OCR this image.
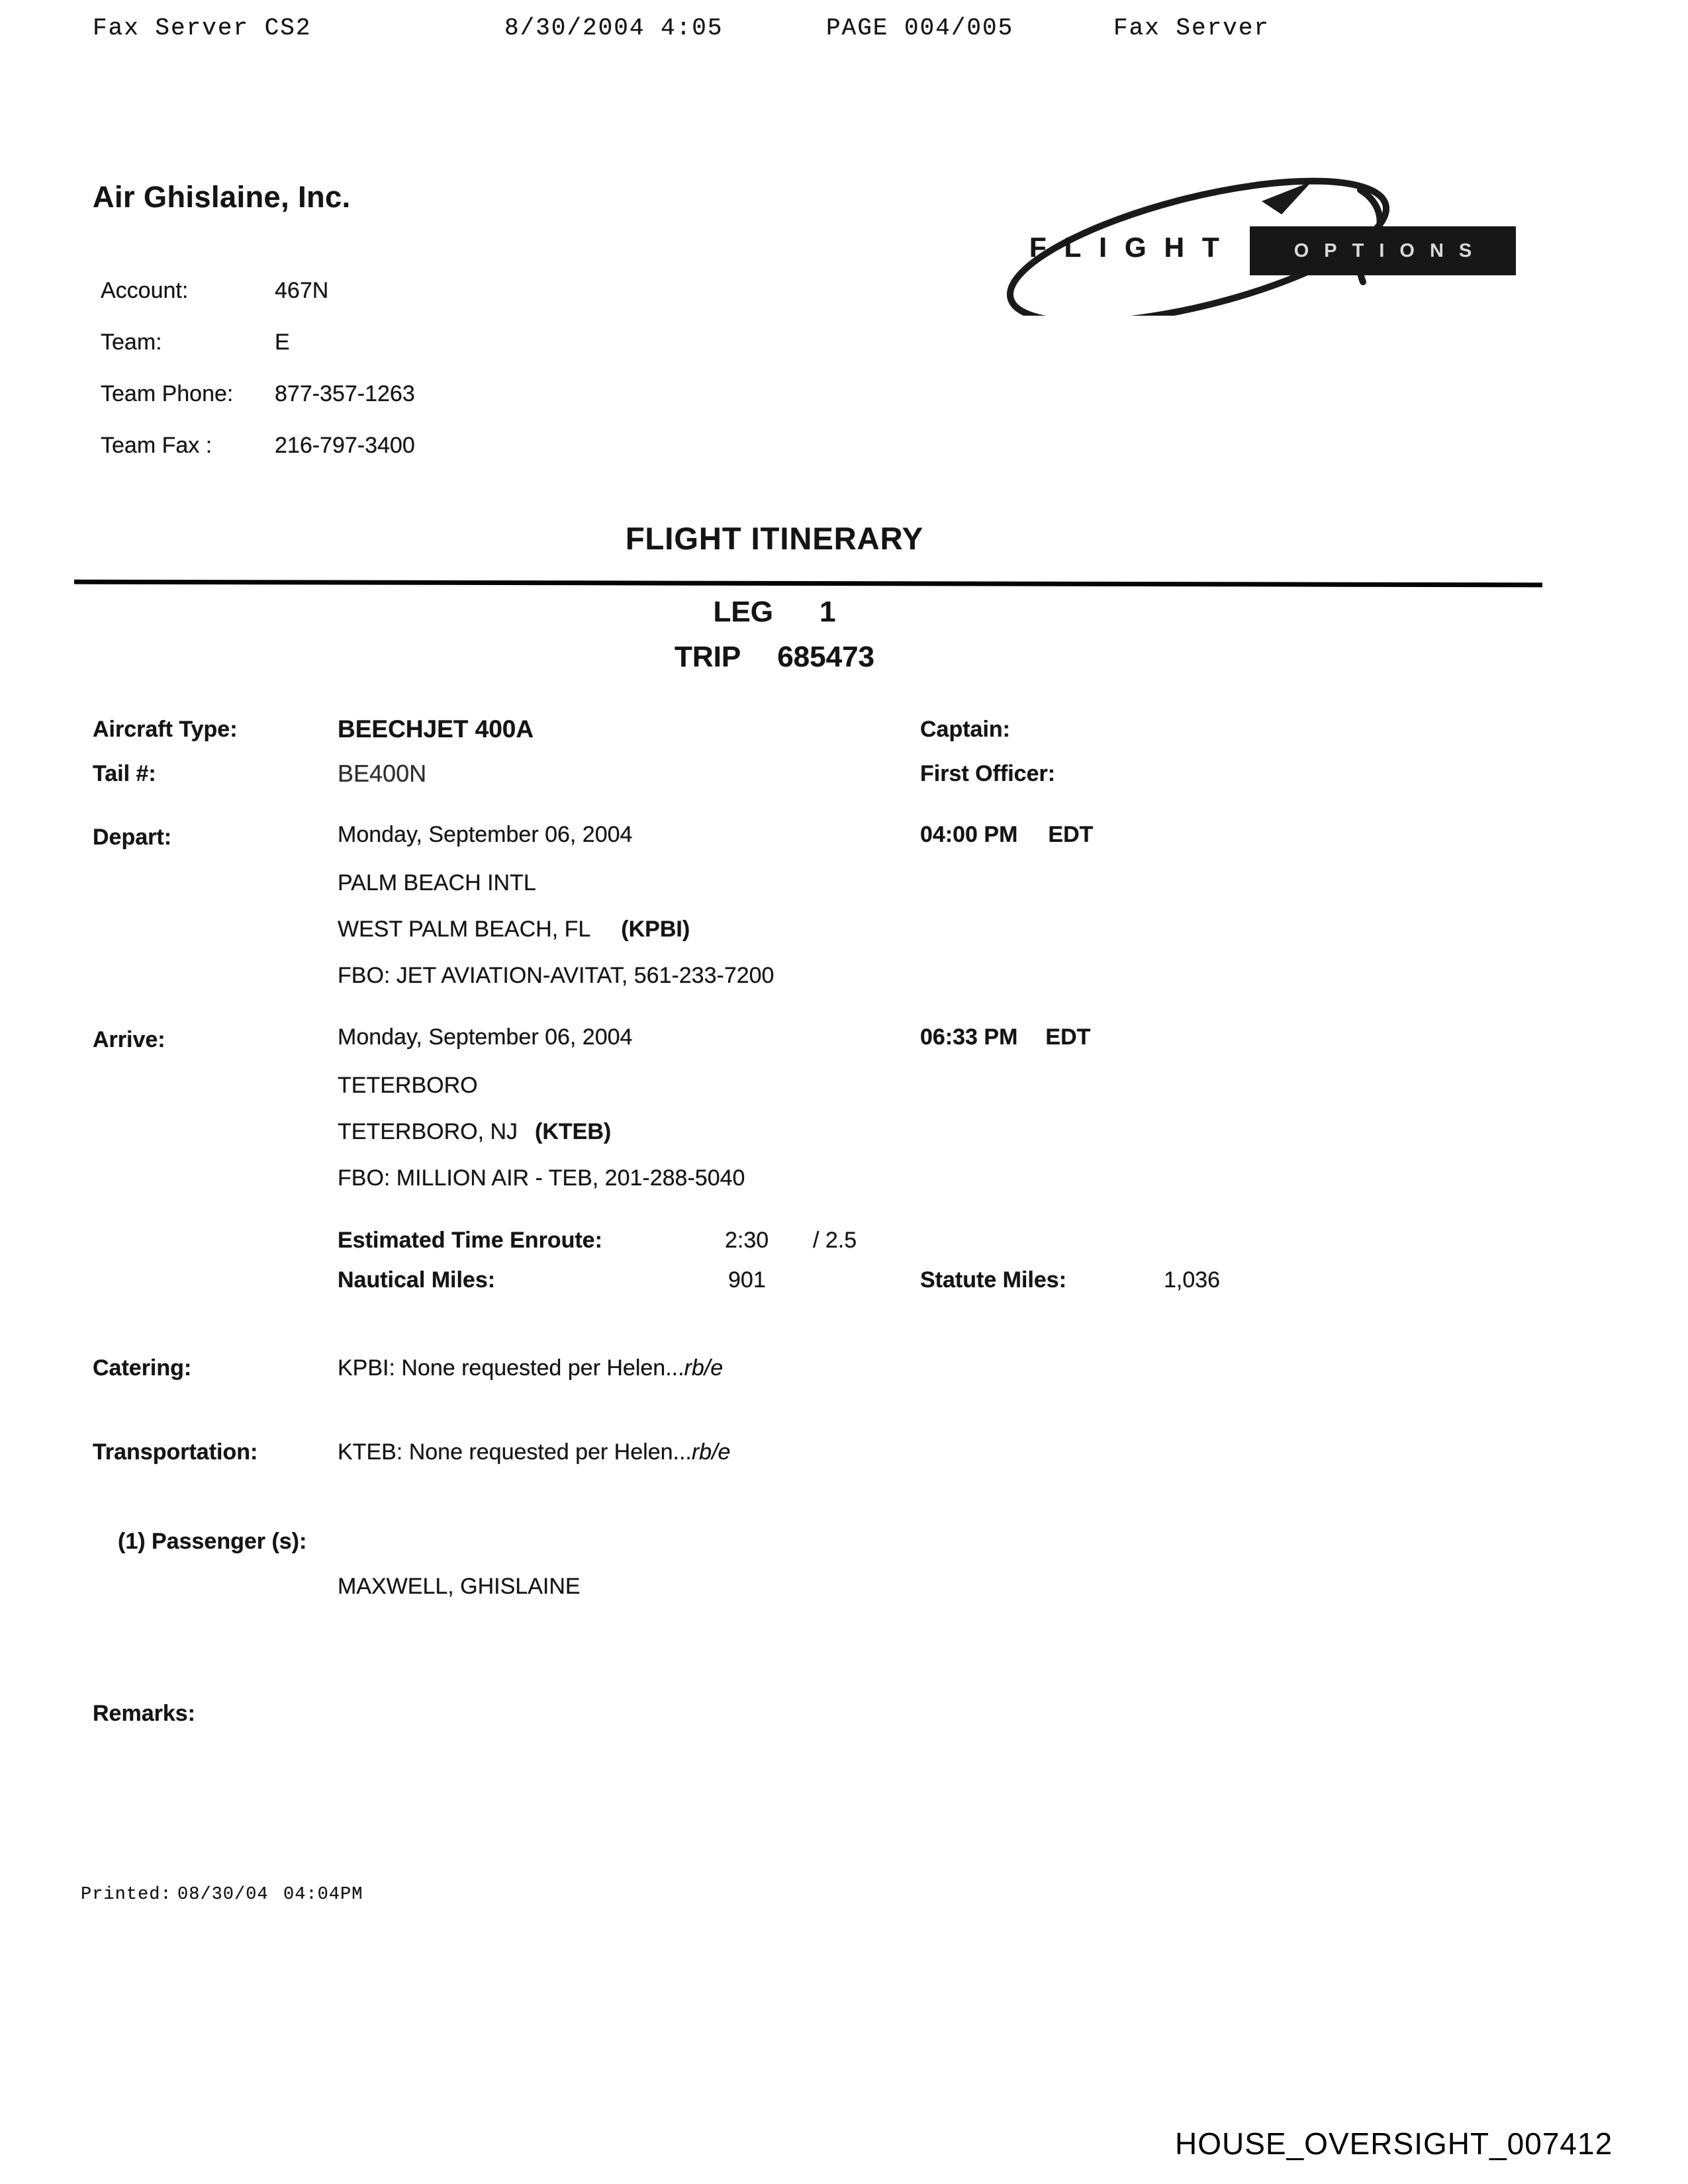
Fax Server CS2	8/30/2004 4:05	PAGE 004/005	Fax Server
Air Ghislaine, Inc.
FLIGHT	OPTIONS
Account:	467N
Team:	E
Team Phone: 877-357-1263
Team Fax :	216-797-3400
FLIGHT ITINERARY
LEG 1
TRIP 685473
Aircraft Type:	BEECHJET 400A	Captain:
Tail #:	BE400N	First Officer:
Depart:	Monday, September 06, 2004	04:00 PM EDT
PALM BEACH INTL
WEST PALM BEACH, FL (KPBI)
FBO: JET AVIATION-AVITAT, 561-233-7200
Arrive:	Monday, September 06, 2004	06:33 PM EDT
TETERBORO
TETERBORO, NJ (KTEB)
FBO: MILLION AIR - TEB, 201-288-5040
Estimated Time Enroute:	2:30 / 2.5
Nautical Miles:	901	Statute Miles:	1,036
Catering:	KPBI: None requested per Helen...rb/e
Transportation:	KTEB: None requested per Helen...rb/e
(1) Passenger (s):
MAXWELL, GHISLAINE
Remarks:
Printed: 08/30/04 04:04PM
HOUSE_OVERSIGHT_007412
